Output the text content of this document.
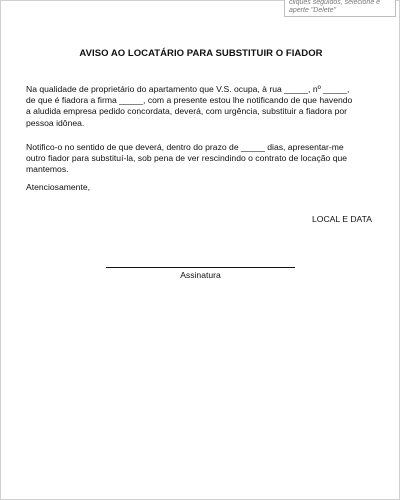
cliques seguidos, selecione e
aperte "Delete"
AVISO AO LOCATÁRIO PARA SUBSTITUIR O FIADOR
Na qualidade de proprietário do apartamento que V.S. ocupa, à rua _____, nº _____,
de que é fiadora a firma _____, com a presente estou lhe notificando de que havendo
a aludida empresa pedido concordata, deverá, com urgência, substituir a fiadora por
pessoa idônea.
Notifico-o no sentido de que deverá, dentro do prazo de _____ dias, apresentar-me
outro fiador para substituí-la, sob pena de ver rescindindo o contrato de locação que
mantemos.
Atenciosamente,
LOCAL E DATA
Assinatura
